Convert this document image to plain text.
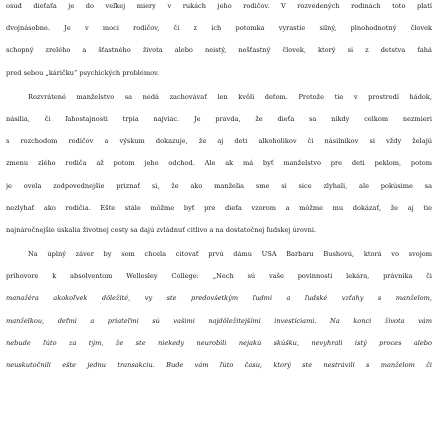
osud dieťaťa je do veľkej miery v rukách jeho rodičov. V rozvedených rodinách toto platí
dvojnásobne. Je v moci rodičov, či z ich potomka vyrastie silný, plnohodnotný človek
schopný zrelého a šťastného života alebo neistý, nešťastný človek, ktorý si z detstva ťahá
pred sebou „káričku“ psychických problémov.
Rozvrátené manželstvo sa nedá zachovávať len kvôli deťom. Pretože tie v prostredí hádok,
násilia, či ľahostajnosti trpia najviac. Je pravda, že dieťa sa nikdy celkom nezmieri
s rozchodom rodičov a výskum dokazuje, že aj deti alkoholikov či násilníkov si vždy želajú
zmenu zlého rodiča až potom jeho odchod. Ale ak má byť manželstvo pre deti peklom, potom
je ovela zodpovednejšie priznať si, že ako manželia sme si sice zlyhali, ale pokúsime sa
nezlyhať ako rodičia. Ešte stále môžme byť pre dieťa vzorom a môžme mu dokázať, že aj tie
najnáročnejšie úskalia životnej cesty sa dajú zvládnuť citlivo a na dostatočnej ľudskej úrovni.
Na úplný záver by som chcela citovať prvú dámu USA Barbaru Bushovú, ktorá vo svojom
príhovore k absolventom Wellesley College: „Nech sú vaše povinnosti lekára, právnika či
manažéra akokoľvek dôležité, vy ste predovšetkým ľudmi a ľudské vzťahy s manželom,
manželkou, deťmi a priateľmi sú vašimi najdôležitejšími investíciami. Na konci života vám
nebude ľúto za tým, že ste niekedy neurobili nejakú skúšku, nevyhrali istý proces alebo
neuskutočnili ešte jednu transakciu. Bude vám ľúto času, ktorý ste nestrávili s manželom či
